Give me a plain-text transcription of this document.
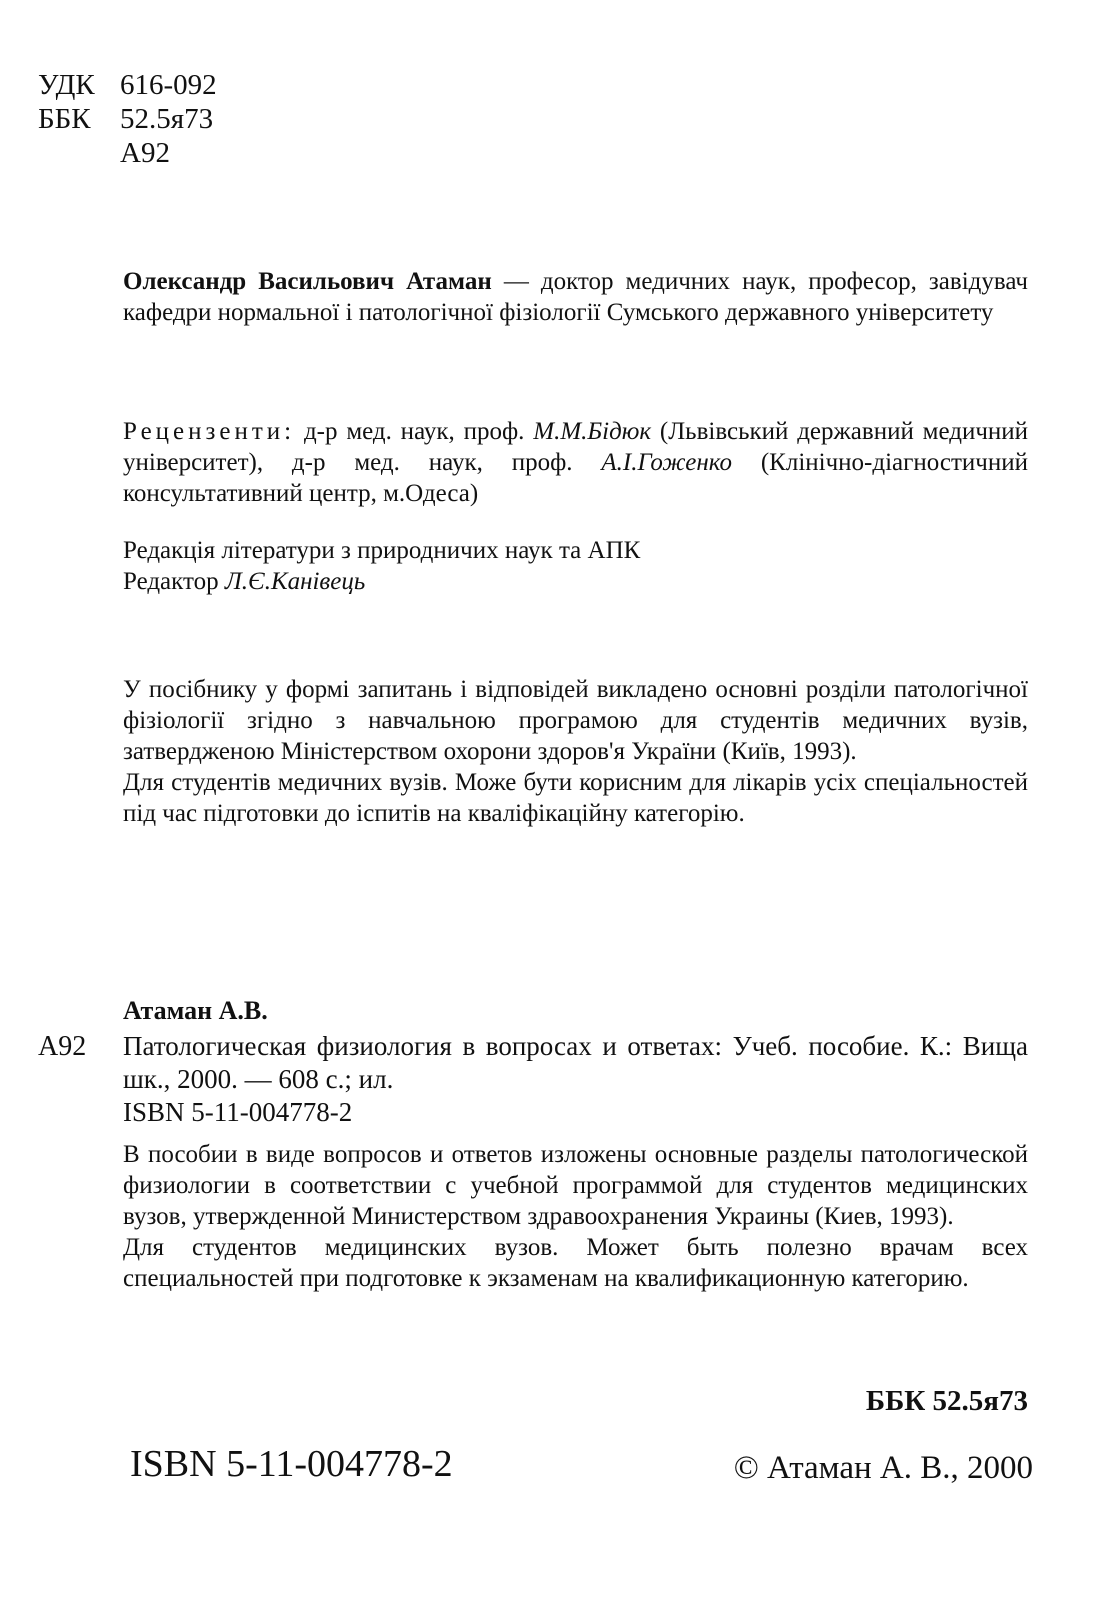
УДК 616-092
ББК 52.5я73
А92

Олександр Васильович Атаман — доктор медичних наук, професор, завідувач кафедри нормальної і патологічної фізіології Сумського державного університету

Рецензенти: д-р мед. наук, проф. М.М.Бідюк (Львівський державний медичний університет), д-р мед. наук, проф. А.І.Гоженко (Клінічно-діагностичний консультативний центр, м.Одеса)

Редакція літератури з природничих наук та АПК

Редактор Л.Є.Канівець

У посібнику у формі запитань і відповідей викладено основні розділи патологічної фізіології згідно з навчальною програмою для студентів медичних вузів, затвердженою Міністерством охорони здоров'я України (Київ, 1993).

Для студентів медичних вузів. Може бути корисним для лікарів усіх спеціальностей під час підготовки до іспитів на кваліфікаційну категорію.

Атаман А.В.
А92 Патологическая физиология в вопросах и ответах: Учеб. пособие. К.: Вища шк., 2000. — 608 с.; ил.
ISBN 5-11-004778-2

В пособии в виде вопросов и ответов изложены основные разделы патологической физиологии в соответствии с учебной программой для студентов медицинских вузов, утвержденной Министерством здравоохранения Украины (Киев, 1993).

Для студентов медицинских вузов. Может быть полезно врачам всех специальностей при подготовке к экзаменам на квалификационную категорию.

ББК 52.5я73
ISBN 5-11-004778-2	© Атаман А. В., 2000
